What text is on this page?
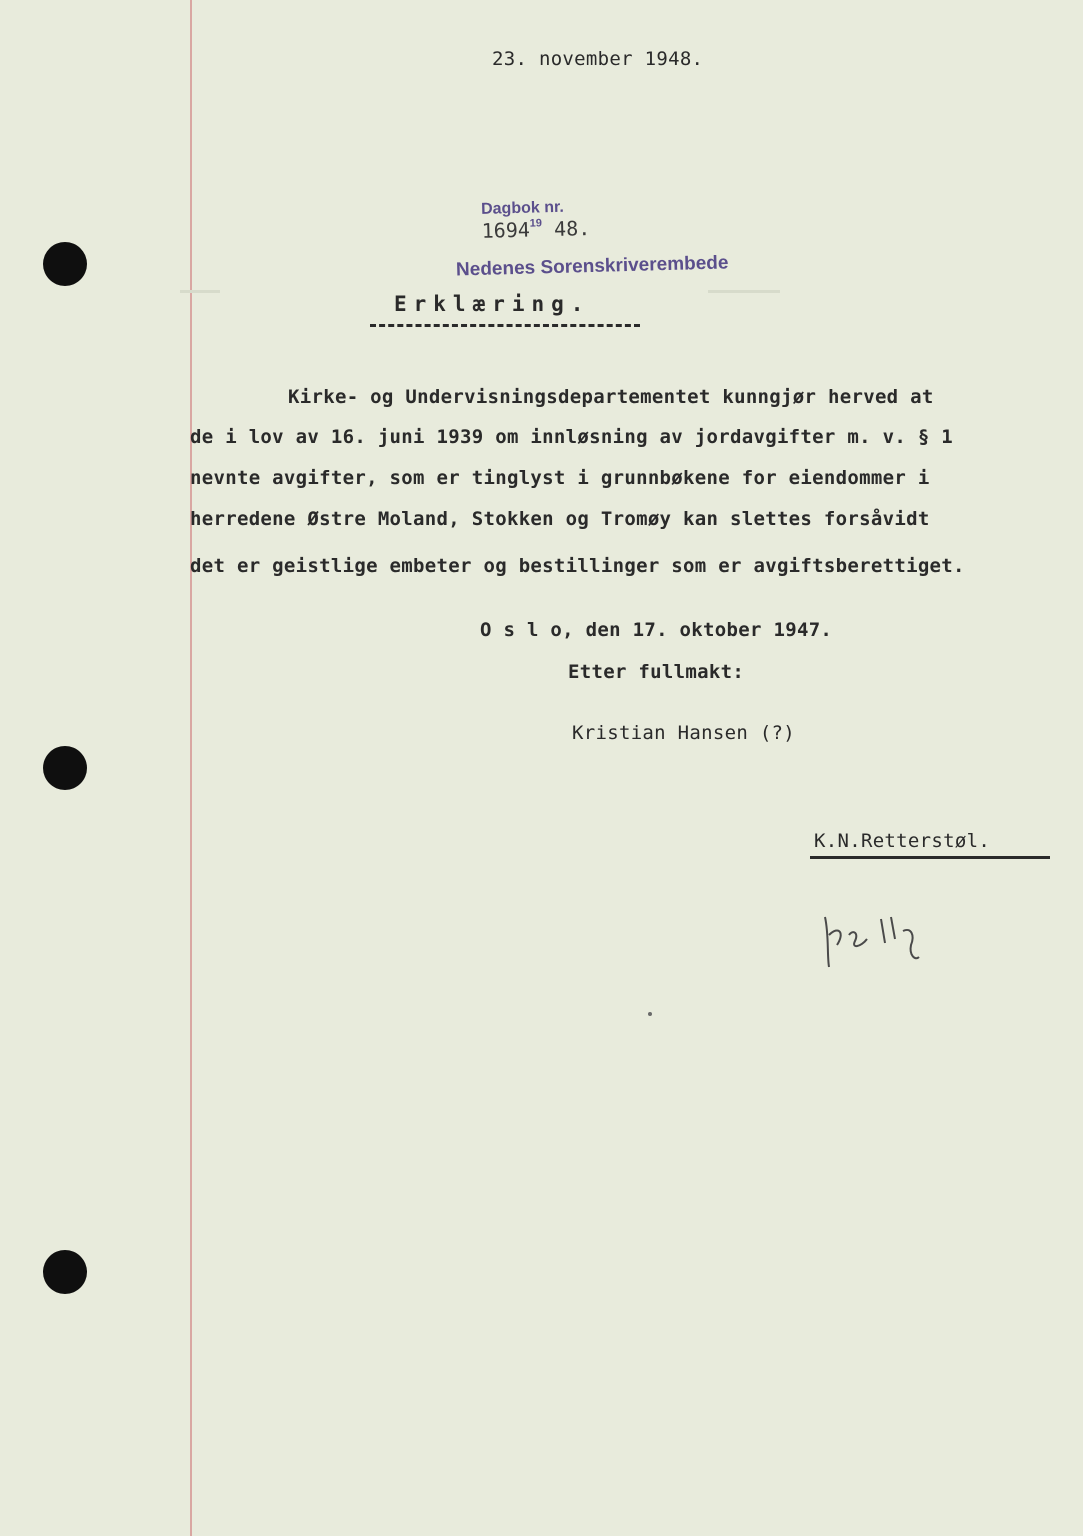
23. november 1948.

Dagbok nr.
1694$^{19}$ 48.

Nedenes Sorenskriverembede
Erklæring.
Kirke- og Undervisningsdepartementet kunngjør herved at
de i lov av 16. juni 1939 om innløsning av jordavgifter m. v. § 1
nevnte avgifter, som er tinglyst i grunnbøkene for eiendommer i
herredene Østre Moland, Stokken og Tromøy kan slettes forsåvidt
det er geistlige embeter og bestillinger som er avgiftsberettiget.
O s l o, den 17. oktober 1947.
Etter fullmakt:
Kristian Hansen (?)
K.N.Retterstøl.
